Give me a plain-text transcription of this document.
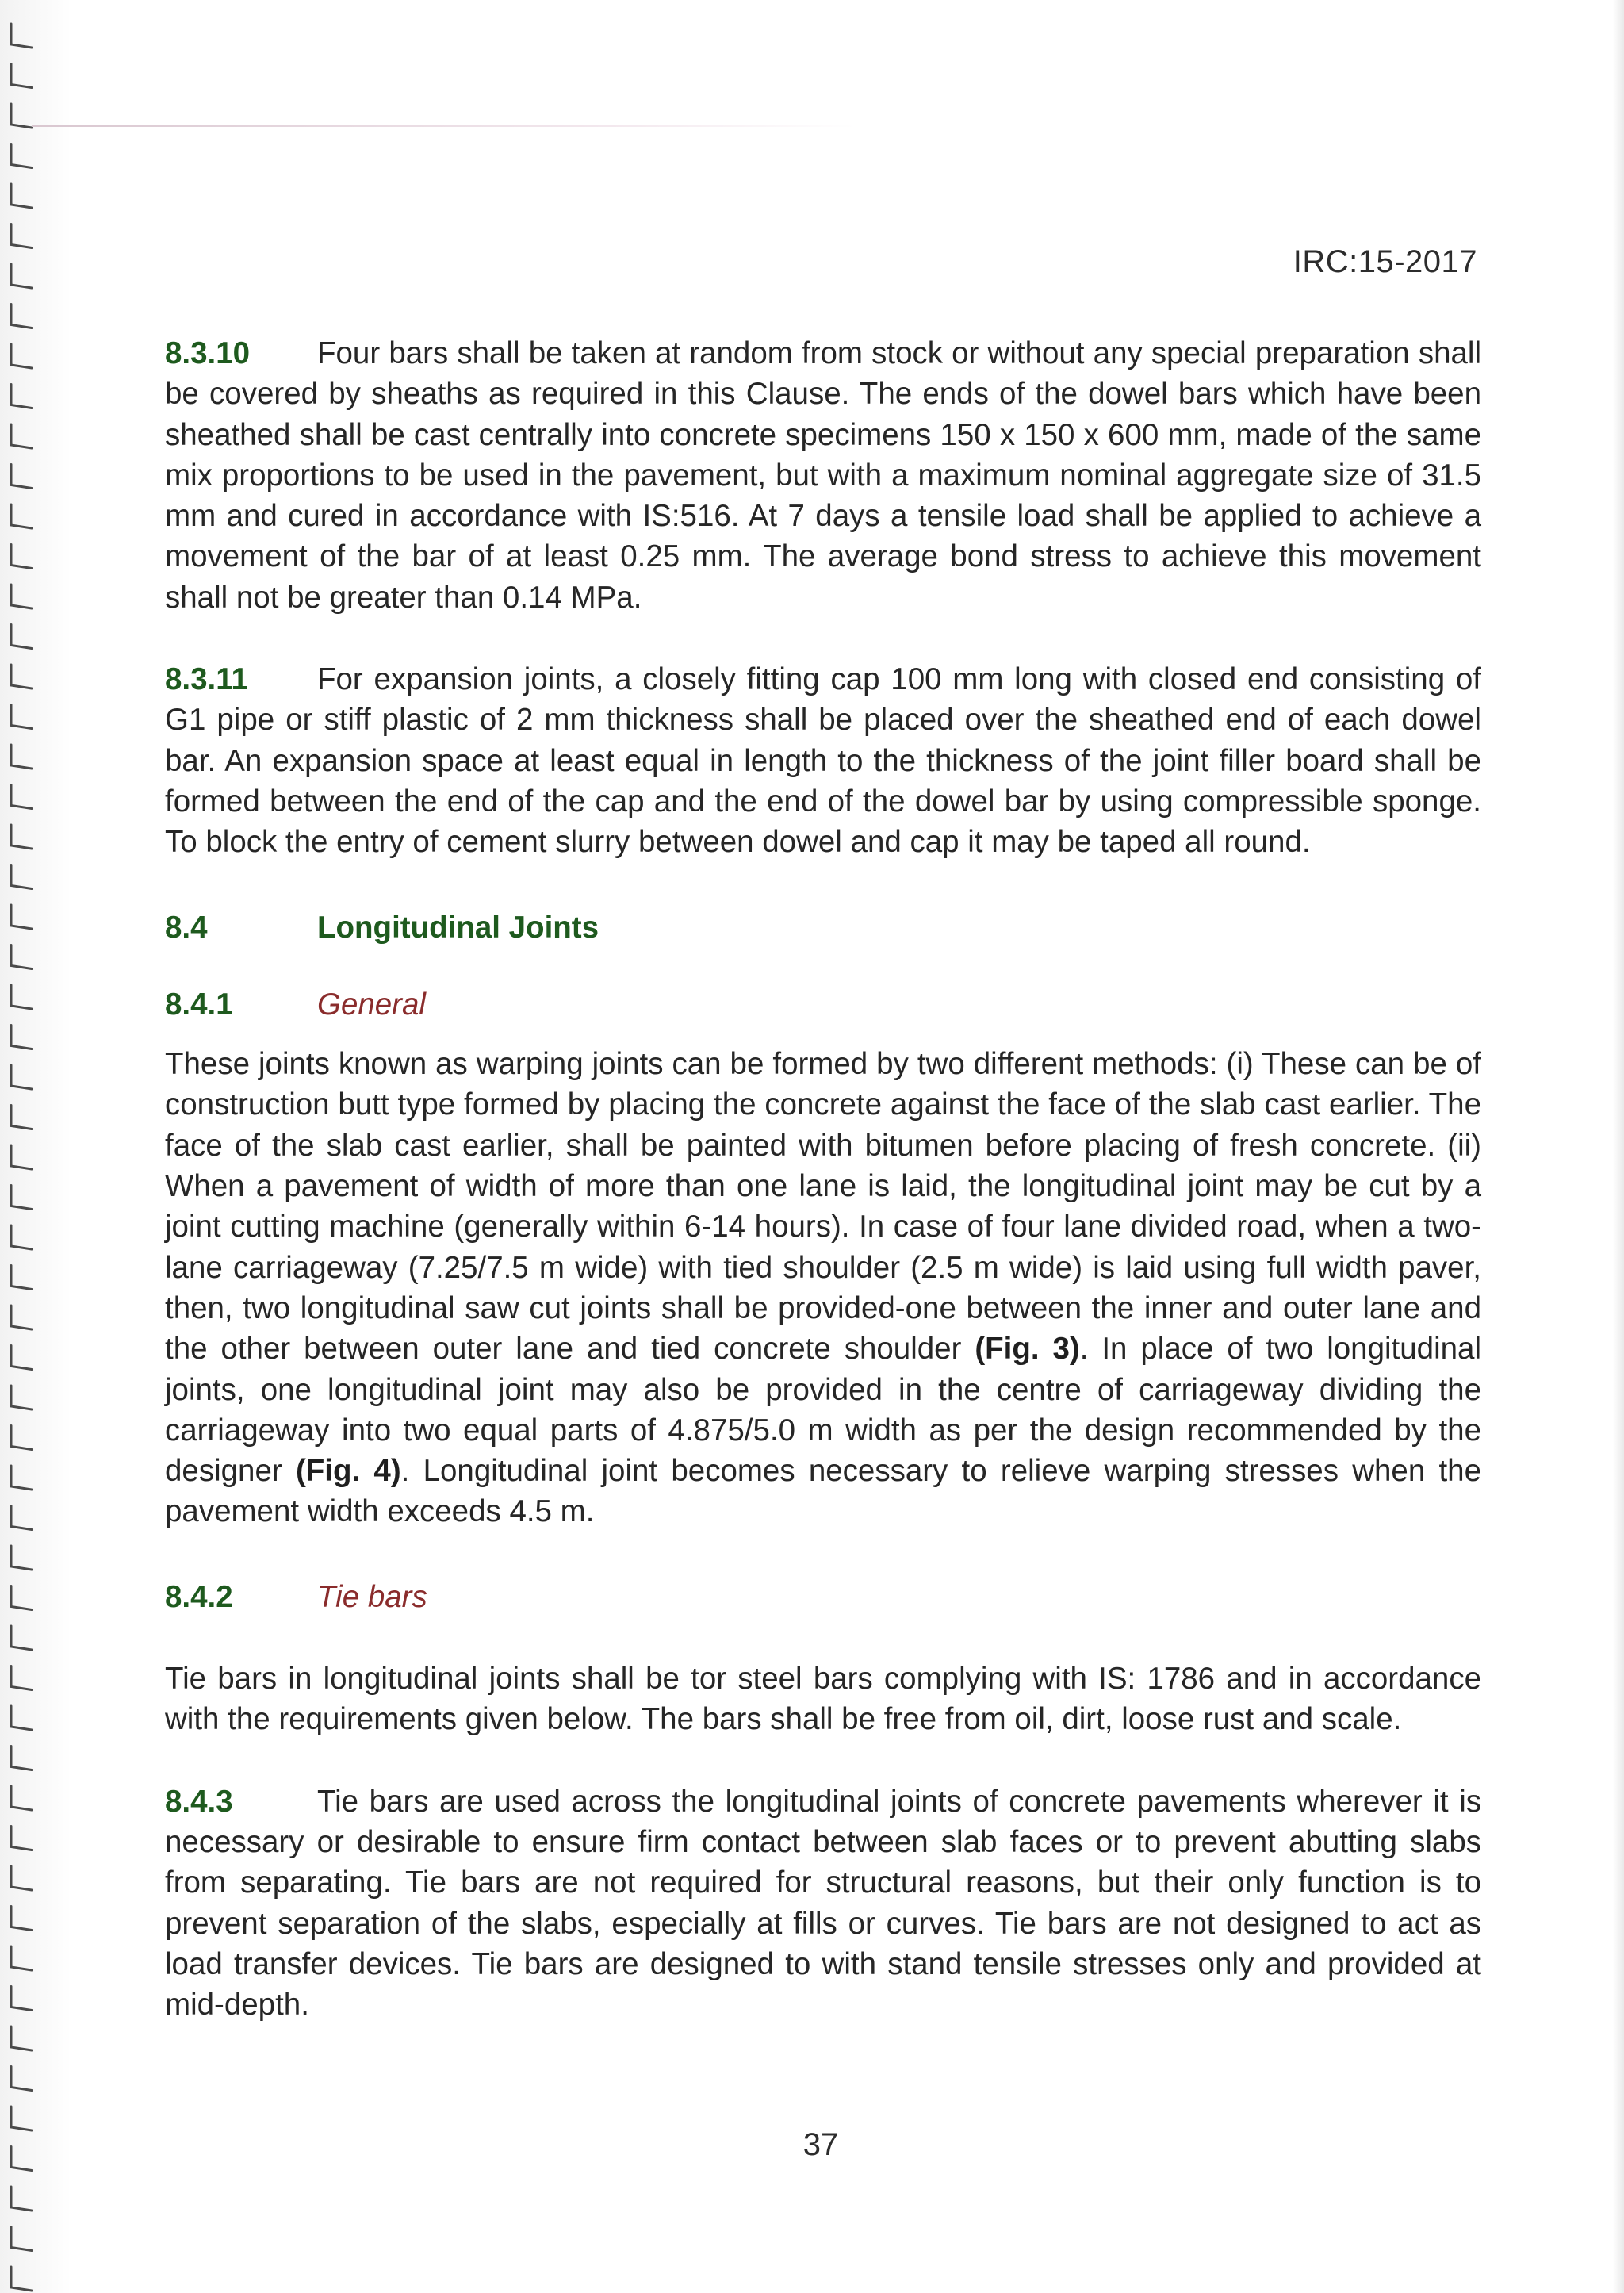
IRC:15-2017

8.3.10 Four bars shall be taken at random from stock or without any special preparation shall be covered by sheaths as required in this Clause. The ends of the dowel bars which have been sheathed shall be cast centrally into concrete specimens 150 x 150 x 600 mm, made of the same mix proportions to be used in the pavement, but with a maximum nominal aggregate size of 31.5 mm and cured in accordance with IS:516. At 7 days a tensile load shall be applied to achieve a movement of the bar of at least 0.25 mm. The average bond stress to achieve this movement shall not be greater than 0.14 MPa.

8.3.11 For expansion joints, a closely fitting cap 100 mm long with closed end consisting of G1 pipe or stiff plastic of 2 mm thickness shall be placed over the sheathed end of each dowel bar. An expansion space at least equal in length to the thickness of the joint filler board shall be formed between the end of the cap and the end of the dowel bar by using compressible sponge. To block the entry of cement slurry between dowel and cap it may be taped all round.

8.4	Longitudinal Joints

8.4.1	General

These joints known as warping joints can be formed by two different methods: (i) These can be of construction butt type formed by placing the concrete against the face of the slab cast earlier. The face of the slab cast earlier, shall be painted with bitumen before placing of fresh concrete. (ii) When a pavement of width of more than one lane is laid, the longitudinal joint may be cut by a joint cutting machine (generally within 6-14 hours). In case of four lane divided road, when a two-lane carriageway (7.25/7.5 m wide) with tied shoulder (2.5 m wide) is laid using full width paver, then, two longitudinal saw cut joints shall be provided-one between the inner and outer lane and the other between outer lane and tied concrete shoulder (Fig. 3). In place of two longitudinal joints, one longitudinal joint may also be provided in the centre of carriageway dividing the carriageway into two equal parts of 4.875/5.0 m width as per the design recommended by the designer (Fig. 4). Longitudinal joint becomes necessary to relieve warping stresses when the pavement width exceeds 4.5 m.

8.4.2	Tie bars

Tie bars in longitudinal joints shall be tor steel bars complying with IS: 1786 and in accordance with the requirements given below. The bars shall be free from oil, dirt, loose rust and scale.

8.4.3	Tie bars are used across the longitudinal joints of concrete pavements wherever it is necessary or desirable to ensure firm contact between slab faces or to prevent abutting slabs from separating. Tie bars are not required for structural reasons, but their only function is to prevent separation of the slabs, especially at fills or curves. Tie bars are not designed to act as load transfer devices. Tie bars are designed to with stand tensile stresses only and provided at mid-depth.

37
